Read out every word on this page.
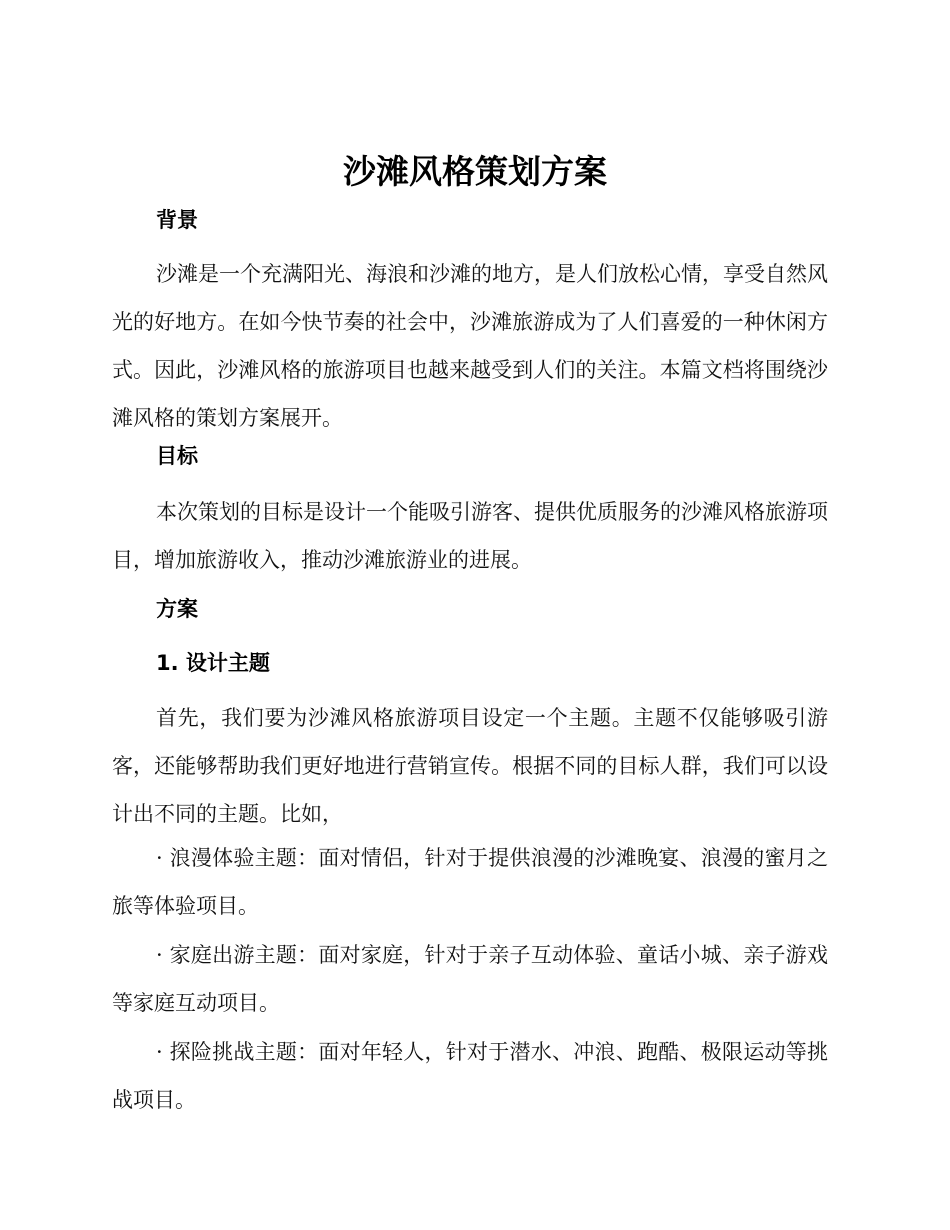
沙滩风格策划方案
背景

沙滩是一个充满阳光、海浪和沙滩的地方，是人们放松心情，享受自然风光的好地方。在如今快节奏的社会中，沙滩旅游成为了人们喜爱的一种休闲方式。因此，沙滩风格的旅游项目也越来越受到人们的关注。本篇文档将围绕沙滩风格的策划方案展开。

目标

本次策划的目标是设计一个能吸引游客、提供优质服务的沙滩风格旅游项目，增加旅游收入，推动沙滩旅游业的进展。

方案
1. 设计主题

首先，我们要为沙滩风格旅游项目设定一个主题。主题不仅能够吸引游客，还能够帮助我们更好地进行营销宣传。根据不同的目标人群，我们可以设计出不同的主题。比如，

· 浪漫体验主题：面对情侣，针对于提供浪漫的沙滩晚宴、浪漫的蜜月之旅等体验项目。

· 家庭出游主题：面对家庭，针对于亲子互动体验、童话小城、亲子游戏等家庭互动项目。

· 探险挑战主题：面对年轻人，针对于潜水、冲浪、跑酷、极限运动等挑战项目。
